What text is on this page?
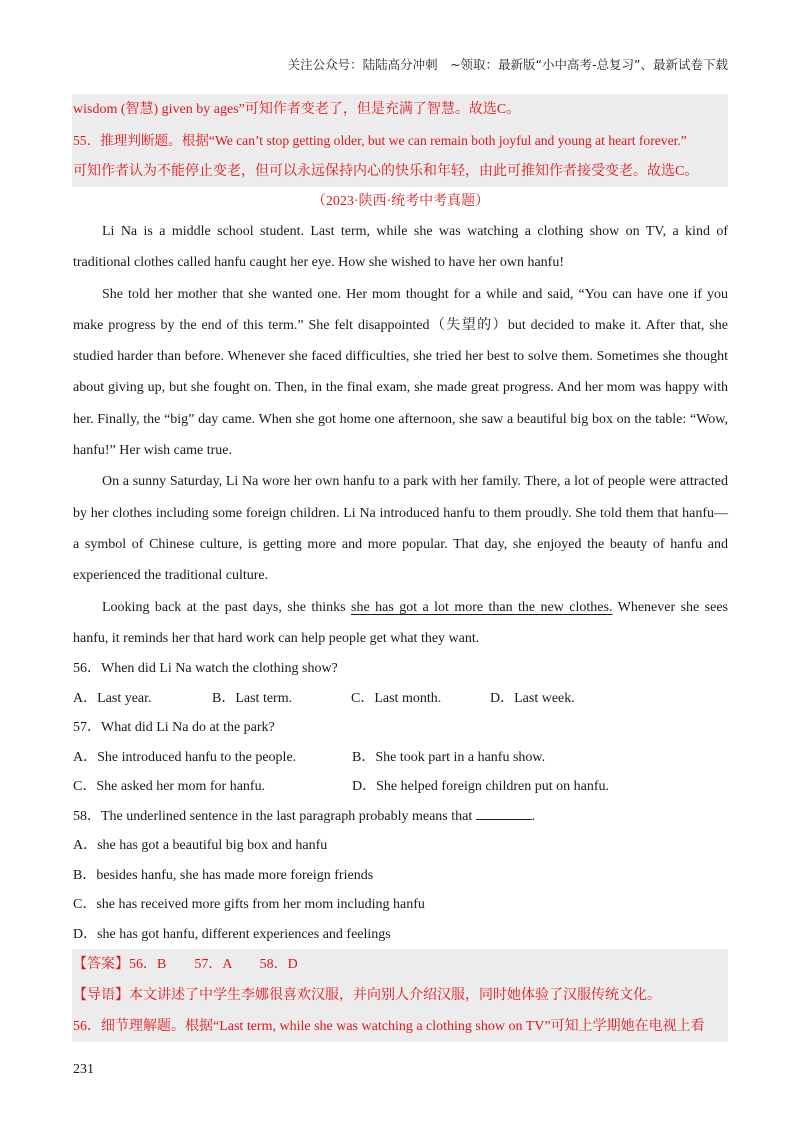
关注公众号：陆陆高分冲刺　~领取：最新版“小中高考-总复习”、最新试卷下载

wisdom (智慧) given by ages”可知作者变老了，但是充满了智慧。故选C。

55．推理判断题。根据“We can’t stop getting older, but we can remain both joyful and young at heart forever.”

可知作者认为不能停止变老，但可以永远保持内心的快乐和年轻，由此可推知作者接受变老。故选C。

（2023·陕西·统考中考真题）

Li Na is a middle school student. Last term, while she was watching a clothing show on TV, a kind of traditional clothes called hanfu caught her eye. How she wished to have her own hanfu!

She told her mother that she wanted one. Her mom thought for a while and said, “You can have one if you make progress by the end of this term.” She felt disappointed（失望的）but decided to make it. After that, she studied harder than before. Whenever she faced difficulties, she tried her best to solve them. Sometimes she thought about giving up, but she fought on. Then, in the final exam, she made great progress. And her mom was happy with her. Finally, the “big” day came. When she got home one afternoon, she saw a beautiful big box on the table: “Wow, hanfu!” Her wish came true.

On a sunny Saturday, Li Na wore her own hanfu to a park with her family. There, a lot of people were attracted by her clothes including some foreign children. Li Na introduced hanfu to them proudly. She told them that hanfu—a symbol of Chinese culture, is getting more and more popular. That day, she enjoyed the beauty of hanfu and experienced the traditional culture.

Looking back at the past days, she thinks she has got a lot more than the new clothes. Whenever she sees hanfu, it reminds her that hard work can help people get what they want.

56．When did Li Na watch the clothing show?

A．Last year.	B．Last term.	C．Last month.	D．Last week.

57．What did Li Na do at the park?

A．She introduced hanfu to the people.	B．She took part in a hanfu show.
C．She asked her mom for hanfu.	D．She helped foreign children put on hanfu.

58．The underlined sentence in the last paragraph probably means that	.

A．she has got a beautiful big box and hanfu

B．besides hanfu, she has made more foreign friends

C．she has received more gifts from her mom including hanfu

D．she has got hanfu, different experiences and feelings

【答案】56．B　　57．A　　58．D

【导语】本文讲述了中学生李娜很喜欢汉服，并向别人介绍汉服，同时她体验了汉服传统文化。

56．细节理解题。根据“Last term, while she was watching a clothing show on TV”可知上学期她在电视上看

231
